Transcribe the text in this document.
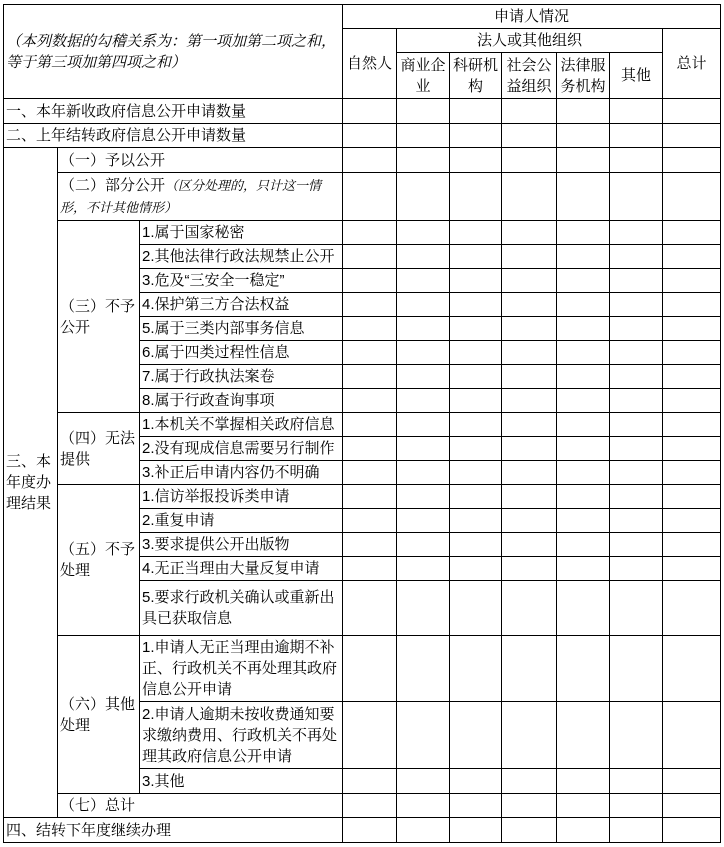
（本列数据的勾稽关系为：第一项加第二项之和，等于第三项加第四项之和）			申请人情况						
			自然人	法人或其他组织					总计
				商业企业	科研机构	社会公益组织	法律服务机构	其他	
一、本年新收政府信息公开申请数量									
二、上年结转政府信息公开申请数量									
三、本年度办理结果	（一）予以公开								
	（二）部分公开（区分处理的，只计这一情形，不计其他情形）								
	（三）不予公开	1.属于国家秘密							
		2.其他法律行政法规禁止公开							
		3.危及“三安全一稳定”							
		4.保护第三方合法权益							
		5.属于三类内部事务信息							
		6.属于四类过程性信息							
		7.属于行政执法案卷							
		8.属于行政查询事项							
	（四）无法提供	1.本机关不掌握相关政府信息							
		2.没有现成信息需要另行制作							
		3.补正后申请内容仍不明确							
	（五）不予处理	1.信访举报投诉类申请							
		2.重复申请							
		3.要求提供公开出版物							
		4.无正当理由大量反复申请							
		5.要求行政机关确认或重新出具已获取信息							
	（六）其他处理	1.申请人无正当理由逾期不补正、行政机关不再处理其政府信息公开申请							
		2.申请人逾期未按收费通知要求缴纳费用、行政机关不再处理其政府信息公开申请							
		3.其他							
	（七）总计								
四、结转下年度继续办理									
